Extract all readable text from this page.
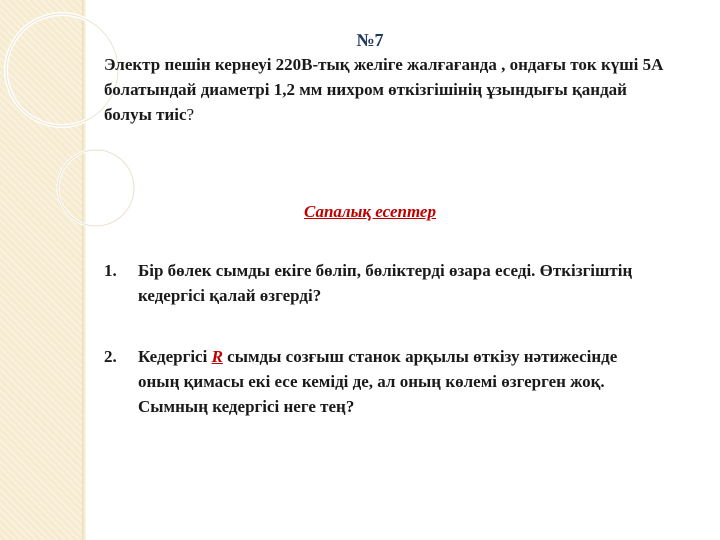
№7

Электр пешін кернеуі 220В-тық желіге жалғағанда , ондағы ток күші 5А болатындай диаметрі 1,2 мм нихром өткізгішінің ұзындығы қандай болуы тиіс?

Сапалық есептер
1. Бір бөлек сымды екіге бөліп, бөліктерді өзара еседі. Өткізгіштің кедергісі қалай өзгерді?

2. Кедергісі R сымды созғыш станок арқылы өткізу нәтижесінде оның қимасы екі есе кеміді де, ал оның көлемі өзгерген жоқ. Сымның кедергісі неге тең?
